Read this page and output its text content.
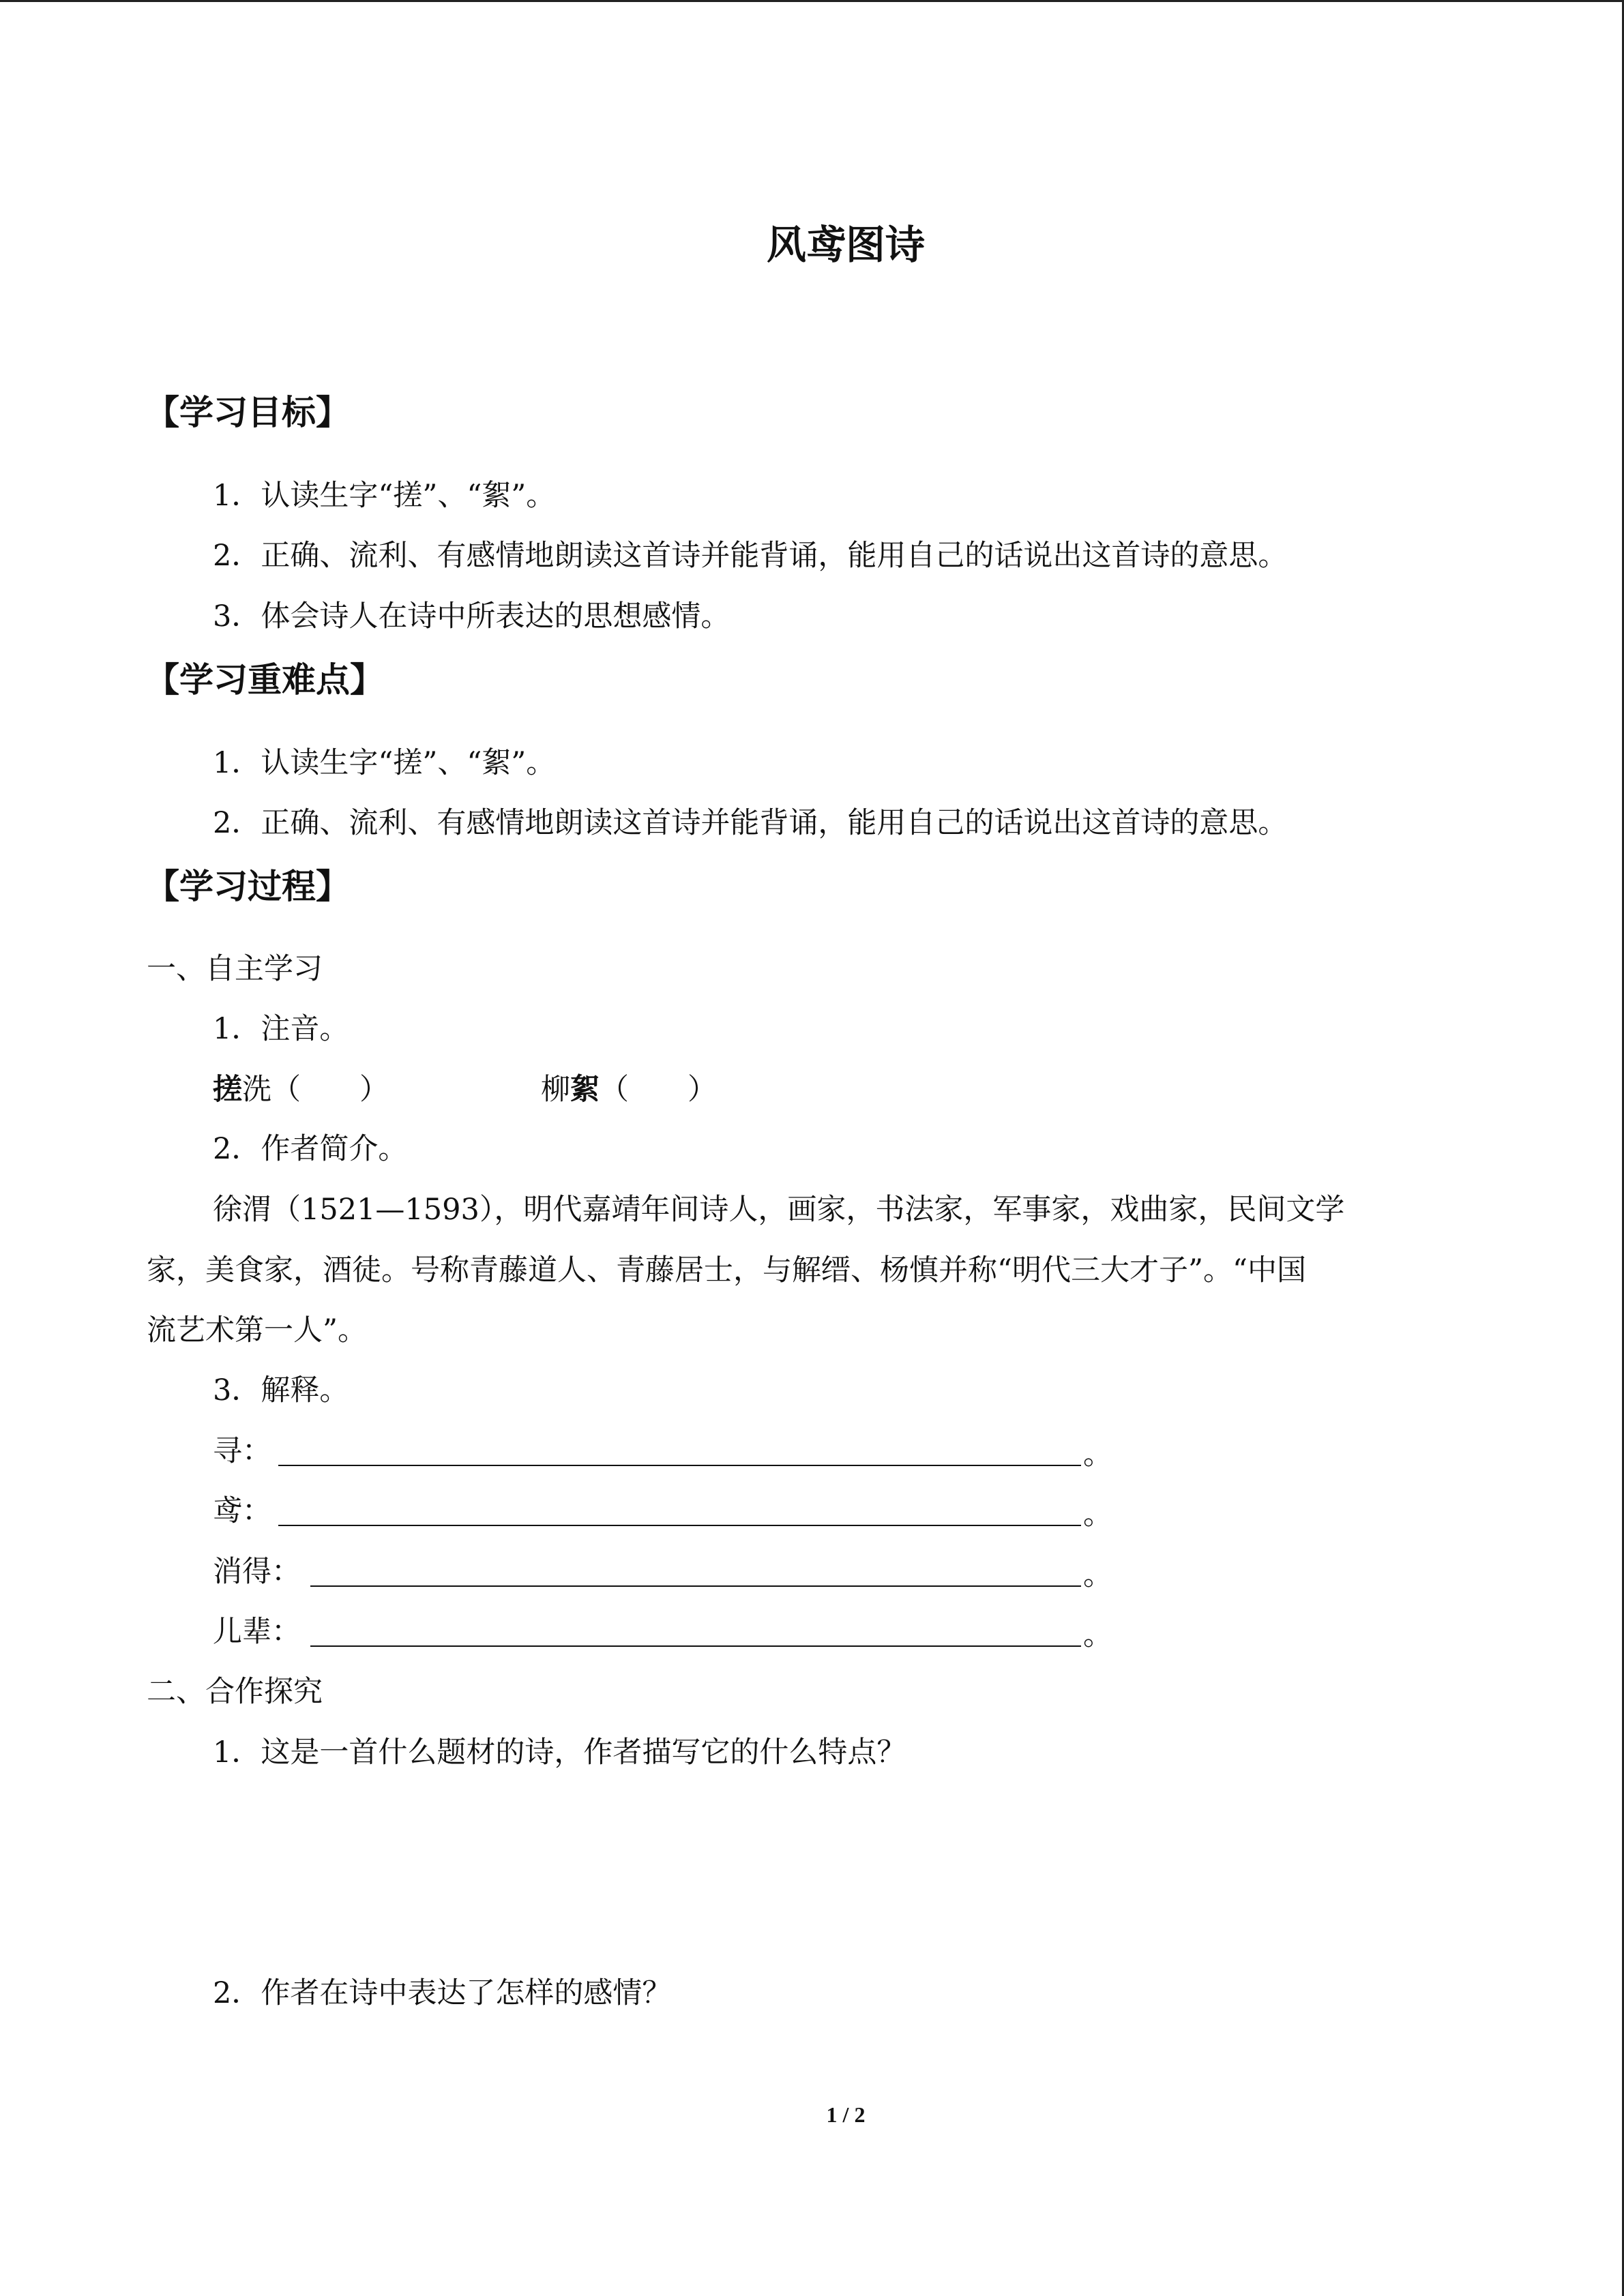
风鸢图诗
【学习目标】
1．认读生字“搓”、“絮”。
2．正确、流利、有感情地朗读这首诗并能背诵，能用自己的话说出这首诗的意思。
3．体会诗人在诗中所表达的思想感情。
【学习重难点】
1．认读生字“搓”、“絮”。
2．正确、流利、有感情地朗读这首诗并能背诵，能用自己的话说出这首诗的意思。
【学习过程】
一、自主学习
1．注音。
搓洗（　　）	柳絮（　　）
2．作者简介。
徐渭（1521—1593），明代嘉靖年间诗人，画家，书法家，军事家，戏曲家，民间文学
家，美食家，酒徒。号称青藤道人、青藤居士，与解缙、杨慎并称“明代三大才子”。“中国
流艺术第一人”。
3．解释。
寻：	。
鸢：	。
消得：	。
儿辈：	。
二、合作探究
1．这是一首什么题材的诗，作者描写它的什么特点？
2．作者在诗中表达了怎样的感情？
1 / 2
